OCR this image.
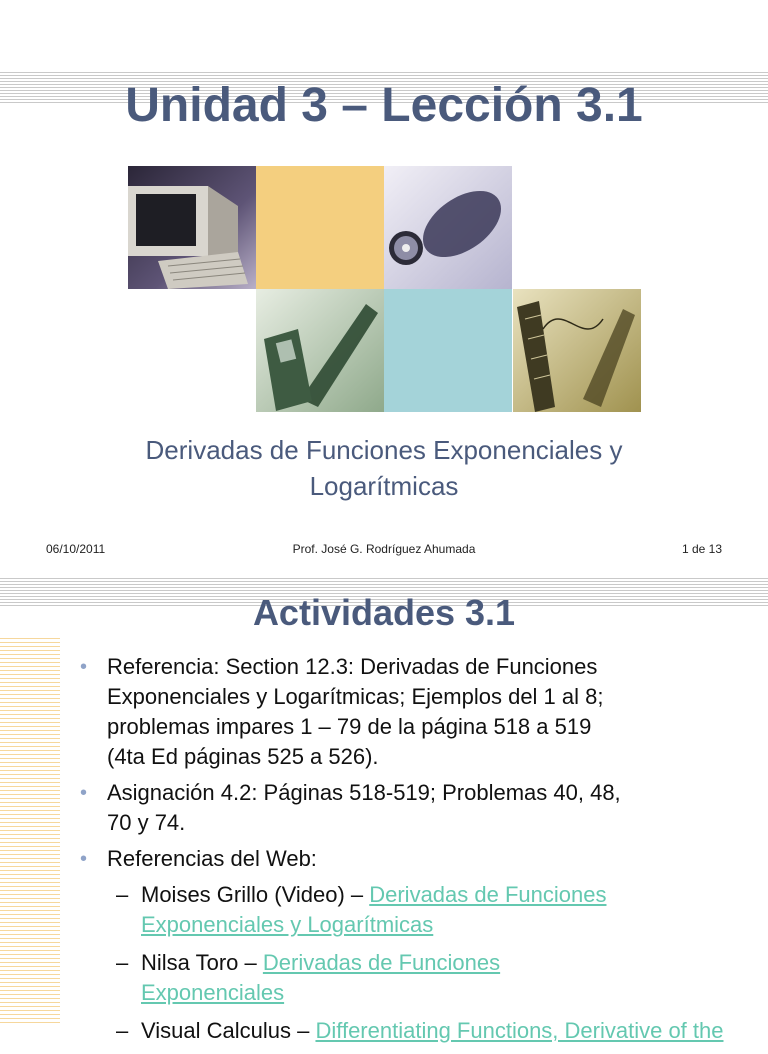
Unidad 3 – Lección 3.1
Derivadas de Funciones Exponenciales y
Logarítmicas
06/10/2011	Prof. José G. Rodríguez Ahumada	1 de 13
Actividades 3.1
• Referencia: Section 12.3: Derivadas de Funciones
Exponenciales y Logarítmicas; Ejemplos del 1 al 8;
problemas impares 1 – 79 de la página 518 a 519
(4ta Ed páginas 525 a 526).
• Asignación 4.2: Páginas 518-519; Problemas 40, 48,
70 y 74.
• Referencias del Web:
– Moises Grillo (Video) – Derivadas de Funciones
Exponenciales y Logarítmicas
– Nilsa Toro – Derivadas de Funciones
Exponenciales
– Visual Calculus – Differentiating Functions, Derivative of the
